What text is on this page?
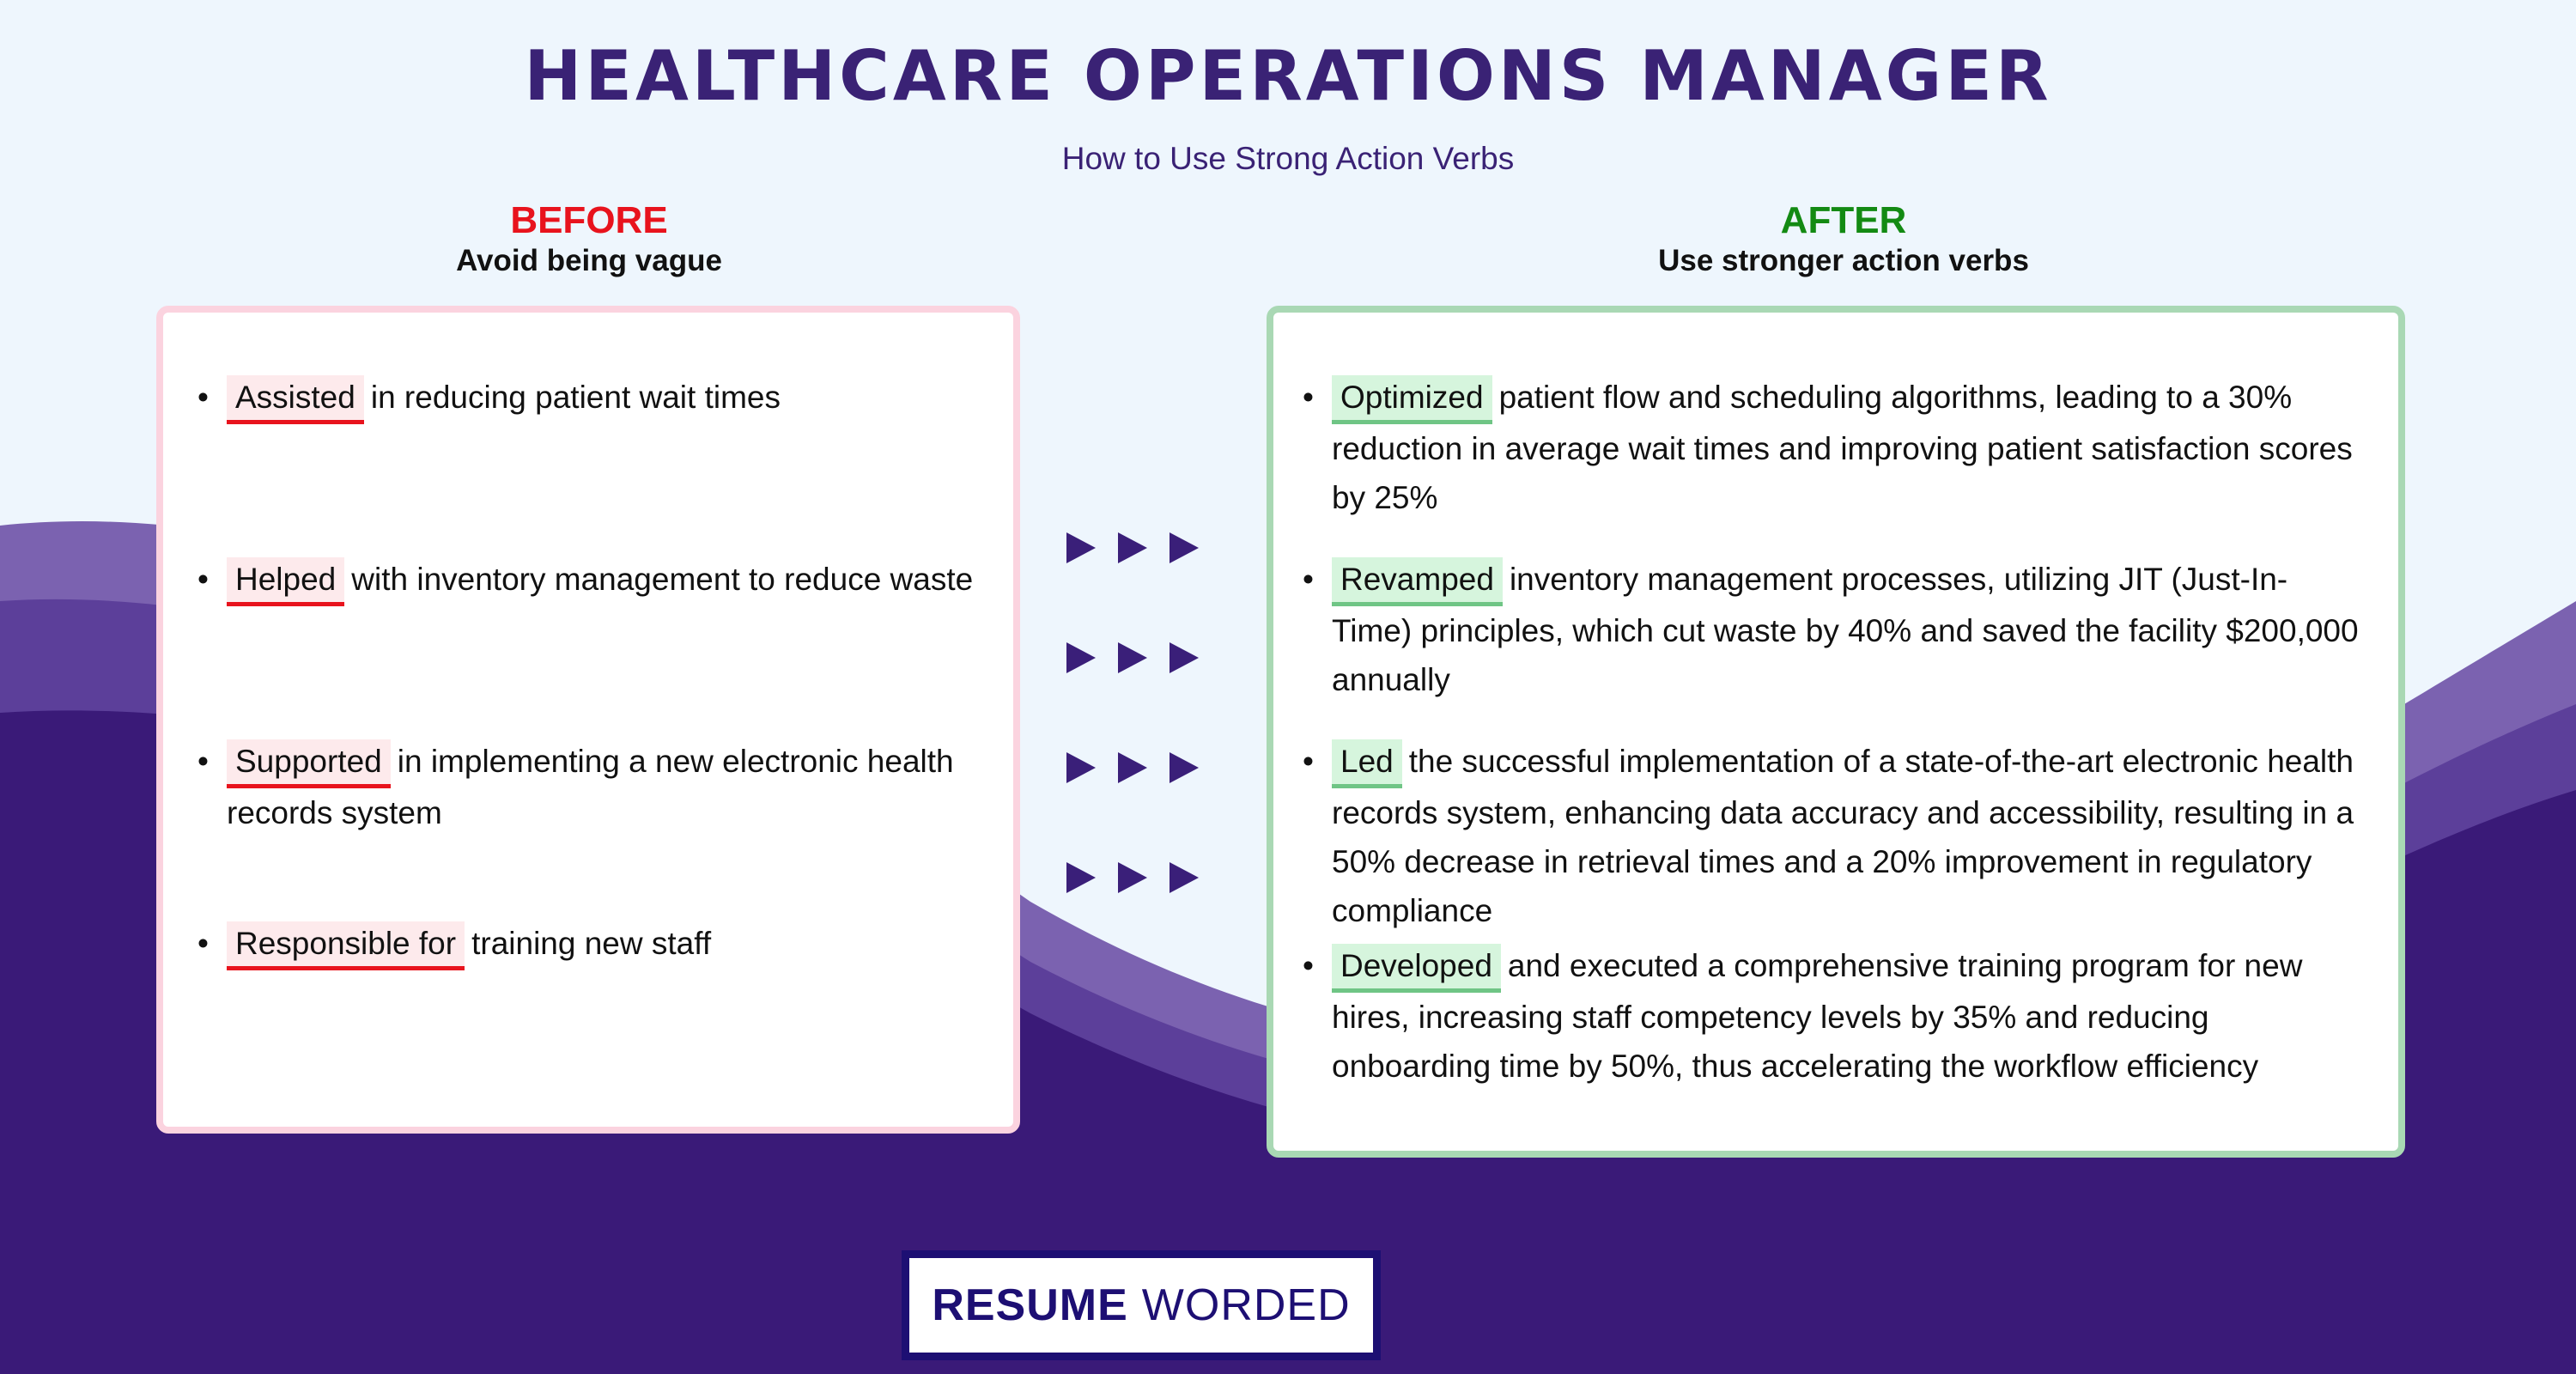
HEALTHCARE OPERATIONS MANAGER
How to Use Strong Action Verbs
BEFORE
Avoid being vague
AFTER
Use stronger action verbs
• Assisted in reducing patient wait times
• Helped with inventory management to reduce waste
• Supported in implementing a new electronic health records system
• Responsible for training new staff
• Optimized patient flow and scheduling algorithms, leading to a 30% reduction in average wait times and improving patient satisfaction scores by 25%
• Revamped inventory management processes, utilizing JIT (Just-In-Time) principles, which cut waste by 40% and saved the facility $200,000 annually
• Led the successful implementation of a state-of-the-art electronic health records system, enhancing data accuracy and accessibility, resulting in a 50% decrease in retrieval times and a 20% improvement in regulatory compliance
• Developed and executed a comprehensive training program for new hires, increasing staff competency levels by 35% and reducing onboarding time by 50%, thus accelerating the workflow efficiency
RESUME WORDED
